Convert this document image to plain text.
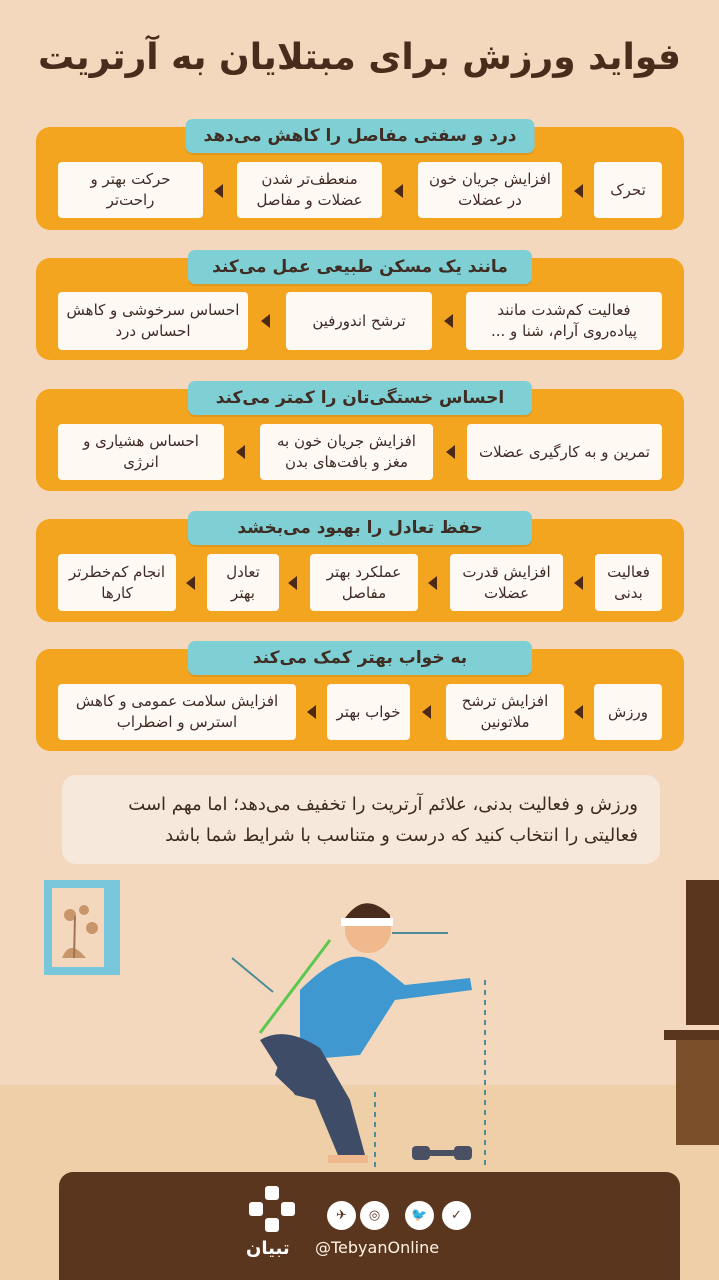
فواید ورزش برای مبتلایان به آرتریت
درد و سفتی مفاصل را کاهش می‌دهد
تحرک
افزایش جریان خون در عضلات
منعطف‌تر شدن عضلات و مفاصل
حرکت بهتر و راحت‌تر
مانند یک مسکن طبیعی عمل می‌کند
فعالیت کم‌شدت مانند پیاده‌روی آرام، شنا و ...
ترشح اندورفین
احساس سرخوشی و کاهش احساس درد
احساس خستگی‌تان را کمتر می‌کند
تمرین و به کارگیری عضلات
افزایش جریان خون به مغز و بافت‌های بدن
احساس هشیاری و انرژی
حفظ تعادل را بهبود می‌بخشد
فعالیت بدنی
افزایش قدرت عضلات
عملکرد بهتر مفاصل
تعادل بهتر
انجام کم‌خطرتر کارها
به خواب بهتر کمک می‌کند
ورزش
افزایش ترشح ملاتونین
خواب بهتر
افزایش سلامت عمومی و کاهش استرس و اضطراب
ورزش و فعالیت بدنی، علائم آرتریت را تخفیف می‌دهد؛ اما مهم است فعالیتی را انتخاب کنید که درست و متناسب با شرایط شما باشد
تبیان @TebyanOnline
✈	◎	🐦	✓
